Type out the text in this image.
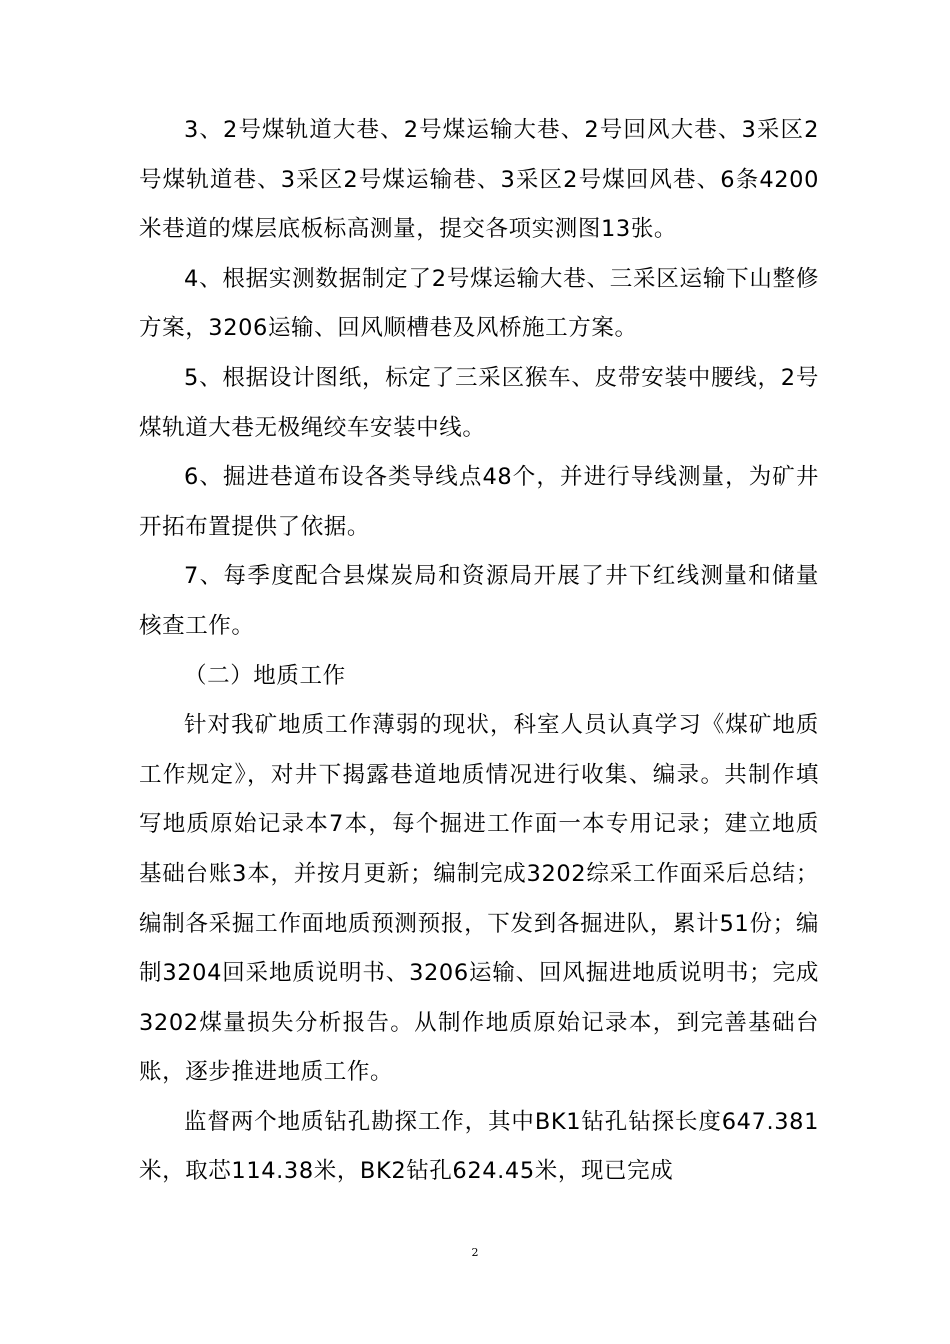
3、2号煤轨道大巷、2号煤运输大巷、2号回风大巷、3采区2号煤轨道巷、3采区2号煤运输巷、3采区2号煤回风巷、6条4200米巷道的煤层底板标高测量，提交各项实测图13张。

4、根据实测数据制定了2号煤运输大巷、三采区运输下山整修方案，3206运输、回风顺槽巷及风桥施工方案。

5、根据设计图纸，标定了三采区猴车、皮带安装中腰线，2号煤轨道大巷无极绳绞车安装中线。

6、掘进巷道布设各类导线点48个，并进行导线测量，为矿井开拓布置提供了依据。

7、每季度配合县煤炭局和资源局开展了井下红线测量和储量核查工作。

（二）地质工作

针对我矿地质工作薄弱的现状，科室人员认真学习《煤矿地质工作规定》，对井下揭露巷道地质情况进行收集、编录。共制作填写地质原始记录本7本，每个掘进工作面一本专用记录；建立地质基础台账3本，并按月更新；编制完成3202综采工作面采后总结；编制各采掘工作面地质预测预报，下发到各掘进队，累计51份；编制3204回采地质说明书、3206运输、回风掘进地质说明书；完成3202煤量损失分析报告。从制作地质原始记录本，到完善基础台账，逐步推进地质工作。

监督两个地质钻孔勘探工作，其中BK1钻孔钻探长度647.381米，取芯114.38米，BK2钻孔624.45米，现已完成

2
